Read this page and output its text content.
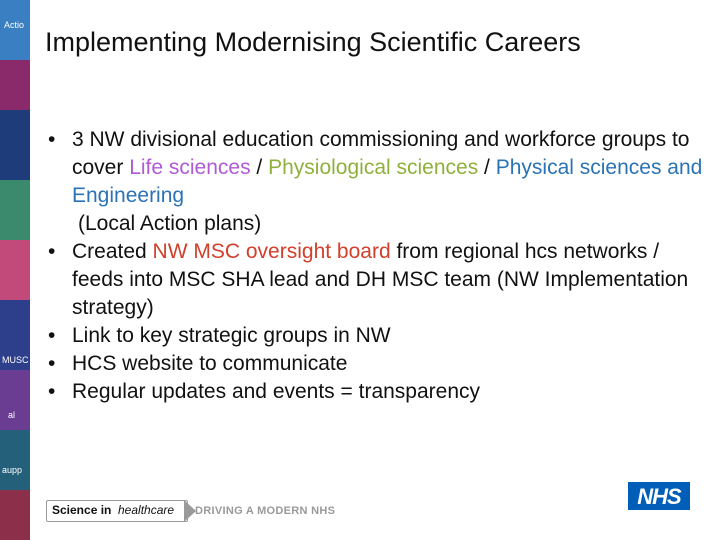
Actio
MUSC
al
aupp
Implementing Modernising Scientific Careers
• 3 NW divisional education commissioning and workforce groups to cover Life sciences / Physiological sciences / Physical sciences and Engineering
(Local Action plans)
• Created NW MSC oversight board from regional hcs networks / feeds into MSC SHA lead and DH MSC team (NW Implementation strategy)
• Link to key strategic groups in NW
• HCS website to communicate
• Regular updates and events = transparency
Science in healthcare DRIVING A MODERN NHS
NHS
